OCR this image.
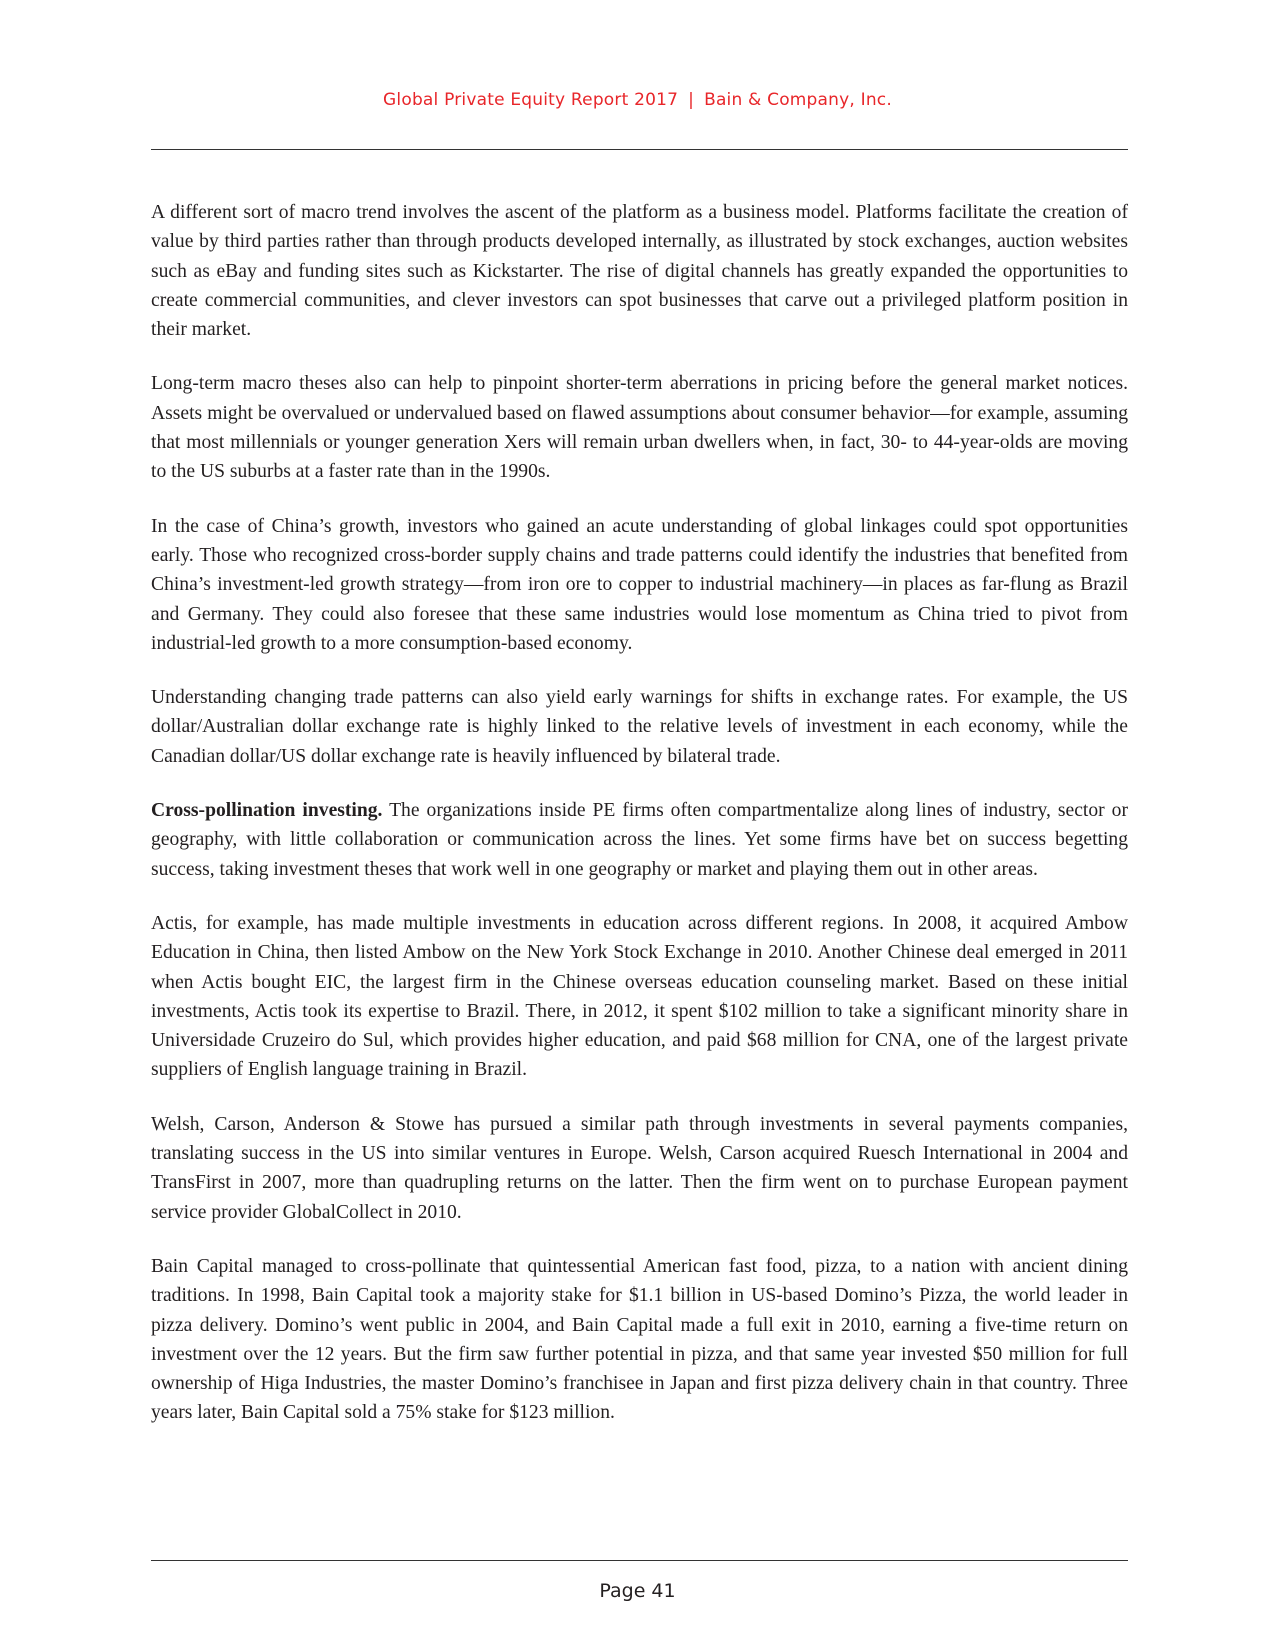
Global Private Equity Report 2017 | Bain & Company, Inc.

A different sort of macro trend involves the ascent of the platform as a business model. Platforms facilitate the creation of value by third parties rather than through products developed internally, as illustrated by stock exchanges, auction websites such as eBay and funding sites such as Kickstarter. The rise of digital channels has greatly expanded the opportunities to create commercial communities, and clever investors can spot businesses that carve out a privileged platform position in their market.

Long-term macro theses also can help to pinpoint shorter-term aberrations in pricing before the general market notices. Assets might be overvalued or undervalued based on flawed assumptions about consumer behavior—for example, assuming that most millennials or younger generation Xers will remain urban dwellers when, in fact, 30- to 44-year-olds are moving to the US suburbs at a faster rate than in the 1990s.

In the case of China’s growth, investors who gained an acute understanding of global linkages could spot opportunities early. Those who recognized cross-border supply chains and trade patterns could identify the industries that benefited from China’s investment-led growth strategy—from iron ore to copper to industrial machinery—in places as far-flung as Brazil and Germany. They could also foresee that these same industries would lose momentum as China tried to pivot from industrial-led growth to a more consumption-based economy.

Understanding changing trade patterns can also yield early warnings for shifts in exchange rates. For example, the US dollar/Australian dollar exchange rate is highly linked to the relative levels of investment in each economy, while the Canadian dollar/US dollar exchange rate is heavily influenced by bilateral trade.

Cross-pollination investing. The organizations inside PE firms often compartmentalize along lines of industry, sector or geography, with little collaboration or communication across the lines. Yet some firms have bet on success begetting success, taking investment theses that work well in one geography or market and playing them out in other areas.

Actis, for example, has made multiple investments in education across different regions. In 2008, it acquired Ambow Education in China, then listed Ambow on the New York Stock Exchange in 2010. Another Chinese deal emerged in 2011 when Actis bought EIC, the largest firm in the Chinese overseas education counseling market. Based on these initial investments, Actis took its expertise to Brazil. There, in 2012, it spent $102 million to take a significant minority share in Universidade Cruzeiro do Sul, which provides higher education, and paid $68 million for CNA, one of the largest private suppliers of English language training in Brazil.

Welsh, Carson, Anderson & Stowe has pursued a similar path through investments in several payments companies, translating success in the US into similar ventures in Europe. Welsh, Carson acquired Ruesch International in 2004 and TransFirst in 2007, more than quadrupling returns on the latter. Then the firm went on to purchase European payment service provider GlobalCollect in 2010.

Bain Capital managed to cross-pollinate that quintessential American fast food, pizza, to a nation with ancient dining traditions. In 1998, Bain Capital took a majority stake for $1.1 billion in US-based Domino’s Pizza, the world leader in pizza delivery. Domino’s went public in 2004, and Bain Capital made a full exit in 2010, earning a five-time return on investment over the 12 years. But the firm saw further potential in pizza, and that same year invested $50 million for full ownership of Higa Industries, the master Domino’s franchisee in Japan and first pizza delivery chain in that country. Three years later, Bain Capital sold a 75% stake for $123 million.

Page 41
